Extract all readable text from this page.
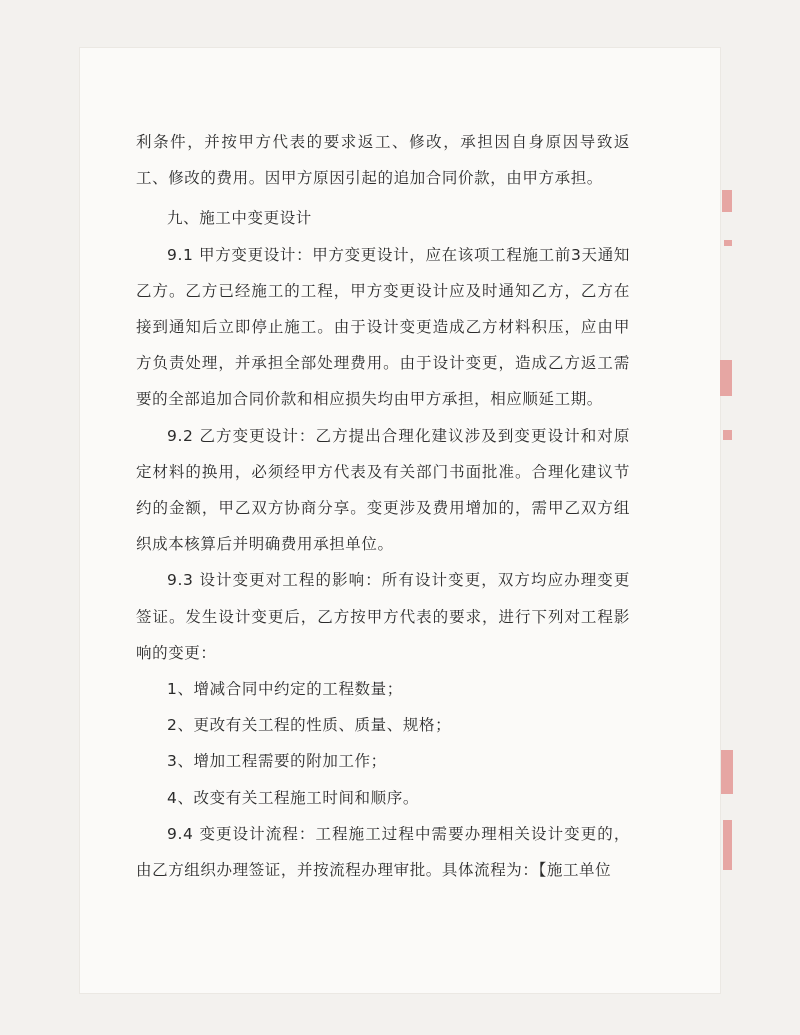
利条件，并按甲方代表的要求返工、修改，承担因自身原因导致返工、修改的费用。因甲方原因引起的追加合同价款，由甲方承担。

九、施工中变更设计

9.1 甲方变更设计：甲方变更设计，应在该项工程施工前3天通知乙方。乙方已经施工的工程，甲方变更设计应及时通知乙方，乙方在接到通知后立即停止施工。由于设计变更造成乙方材料积压，应由甲方负责处理，并承担全部处理费用。由于设计变更，造成乙方返工需要的全部追加合同价款和相应损失均由甲方承担，相应顺延工期。

9.2 乙方变更设计：乙方提出合理化建议涉及到变更设计和对原定材料的换用，必须经甲方代表及有关部门书面批准。合理化建议节约的金额，甲乙双方协商分享。变更涉及费用增加的，需甲乙双方组织成本核算后并明确费用承担单位。

9.3 设计变更对工程的影响：所有设计变更，双方均应办理变更签证。发生设计变更后，乙方按甲方代表的要求，进行下列对工程影响的变更：

1、增减合同中约定的工程数量；

2、更改有关工程的性质、质量、规格；

3、增加工程需要的附加工作；

4、改变有关工程施工时间和顺序。

9.4 变更设计流程：工程施工过程中需要办理相关设计变更的，由乙方组织办理签证，并按流程办理审批。具体流程为：【施工单位
